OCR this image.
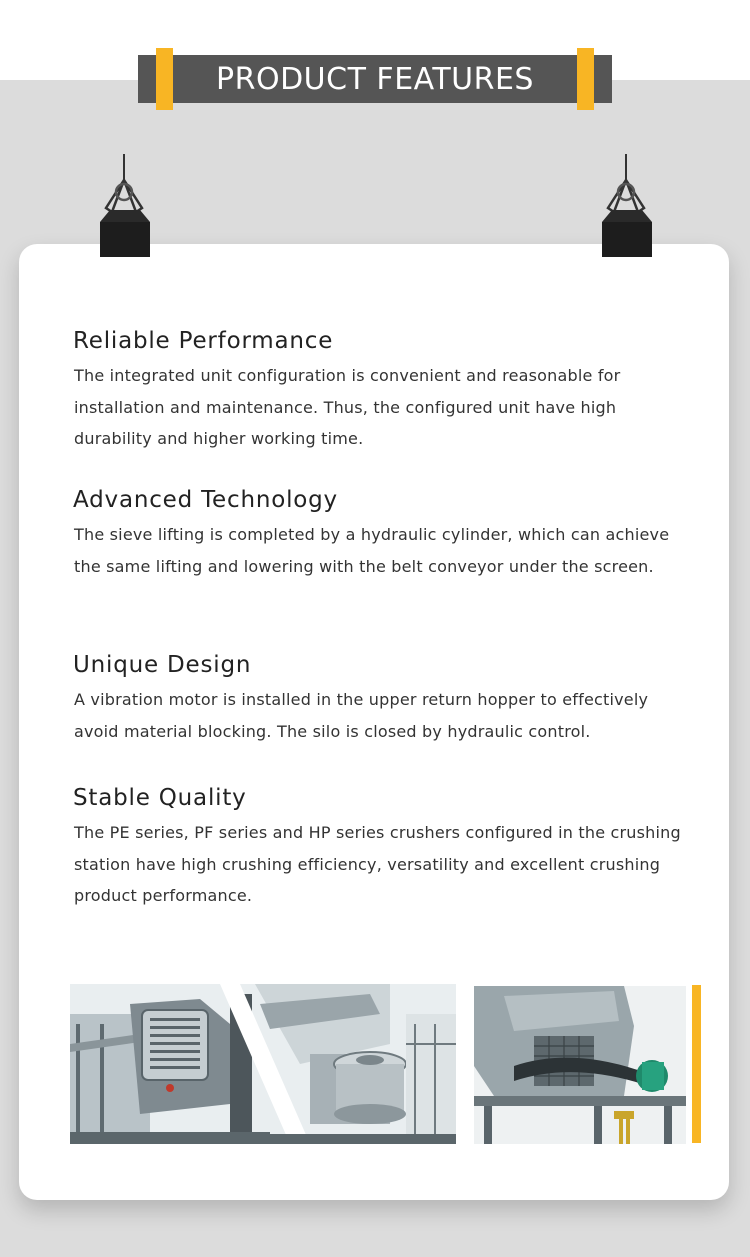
PRODUCT FEATURES
Reliable Performance

The integrated unit configuration is convenient and reasonable for installation and maintenance. Thus, the configured unit have high durability and higher working time.

Advanced Technology

The sieve lifting is completed by a hydraulic cylinder, which can achieve the same lifting and lowering with the belt conveyor under the screen.

Unique Design

A vibration motor is installed in the upper return hopper to effectively avoid material blocking. The silo is closed by hydraulic control.

Stable Quality

The PE series, PF series and HP series crushers configured in the crushing station have high crushing efficiency, versatility and excellent crushing product performance.
